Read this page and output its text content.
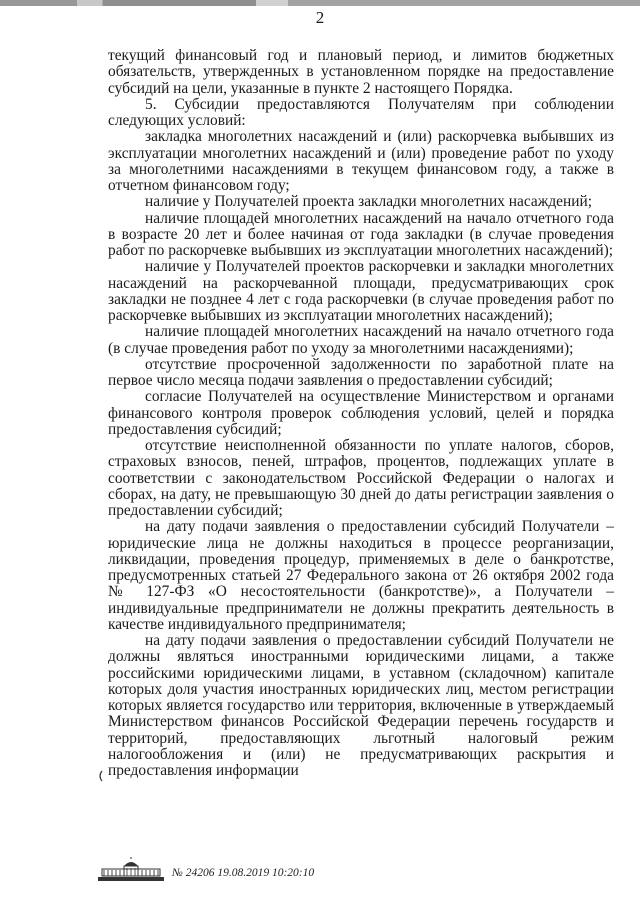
2

текущий финансовый год и плановый период, и лимитов бюджетных обязательств, утвержденных в установленном порядке на предоставление субсидий на цели, указанные в пункте 2 настоящего Порядка.

5. Субсидии предоставляются Получателям при соблюдении следующих условий:

закладка многолетних насаждений и (или) раскорчевка выбывших из эксплуатации многолетних насаждений и (или) проведение работ по уходу за многолетними насаждениями в текущем финансовом году, а также в отчетном финансовом году;

наличие у Получателей проекта закладки многолетних насаждений;

наличие площадей многолетних насаждений на начало отчетного года в возрасте 20 лет и более начиная от года закладки (в случае проведения работ по раскорчевке выбывших из эксплуатации многолетних насаждений);

наличие у Получателей проектов раскорчевки и закладки многолетних насаждений на раскорчеванной площади, предусматривающих срок закладки не позднее 4 лет с года раскорчевки (в случае проведения работ по раскорчевке выбывших из эксплуатации многолетних насаждений);

наличие площадей многолетних насаждений на начало отчетного года (в случае проведения работ по уходу за многолетними насаждениями);

отсутствие просроченной задолженности по заработной плате на первое число месяца подачи заявления о предоставлении субсидий;

согласие Получателей на осуществление Министерством и органами финансового контроля проверок соблюдения условий, целей и порядка предоставления субсидий;

отсутствие неисполненной обязанности по уплате налогов, сборов, страховых взносов, пеней, штрафов, процентов, подлежащих уплате в соответствии с законодательством Российской Федерации о налогах и сборах, на дату, не превышающую 30 дней до даты регистрации заявления о предоставлении субсидий;

на дату подачи заявления о предоставлении субсидий Получатели – юридические лица не должны находиться в процессе реорганизации, ликвидации, проведения процедур, применяемых в деле о банкротстве, предусмотренных статьей 27 Федерального закона от 26 октября 2002 года № 127-ФЗ «О несостоятельности (банкротстве)», а Получатели – индивидуальные предприниматели не должны прекратить деятельность в качестве индивидуального предпринимателя;

на дату подачи заявления о предоставлении субсидий Получатели не должны являться иностранными юридическими лицами, а также российскими юридическими лицами, в уставном (складочном) капитале которых доля участия иностранных юридических лиц, местом регистрации которых является государство или территория, включенные в утверждаемый Министерством финансов Российской Федерации перечень государств и территорий, предоставляющих льготный налоговый режим налогообложения и (или) не предусматривающих раскрытия и предоставления информации

№ 24206 19.08.2019 10:20:10
